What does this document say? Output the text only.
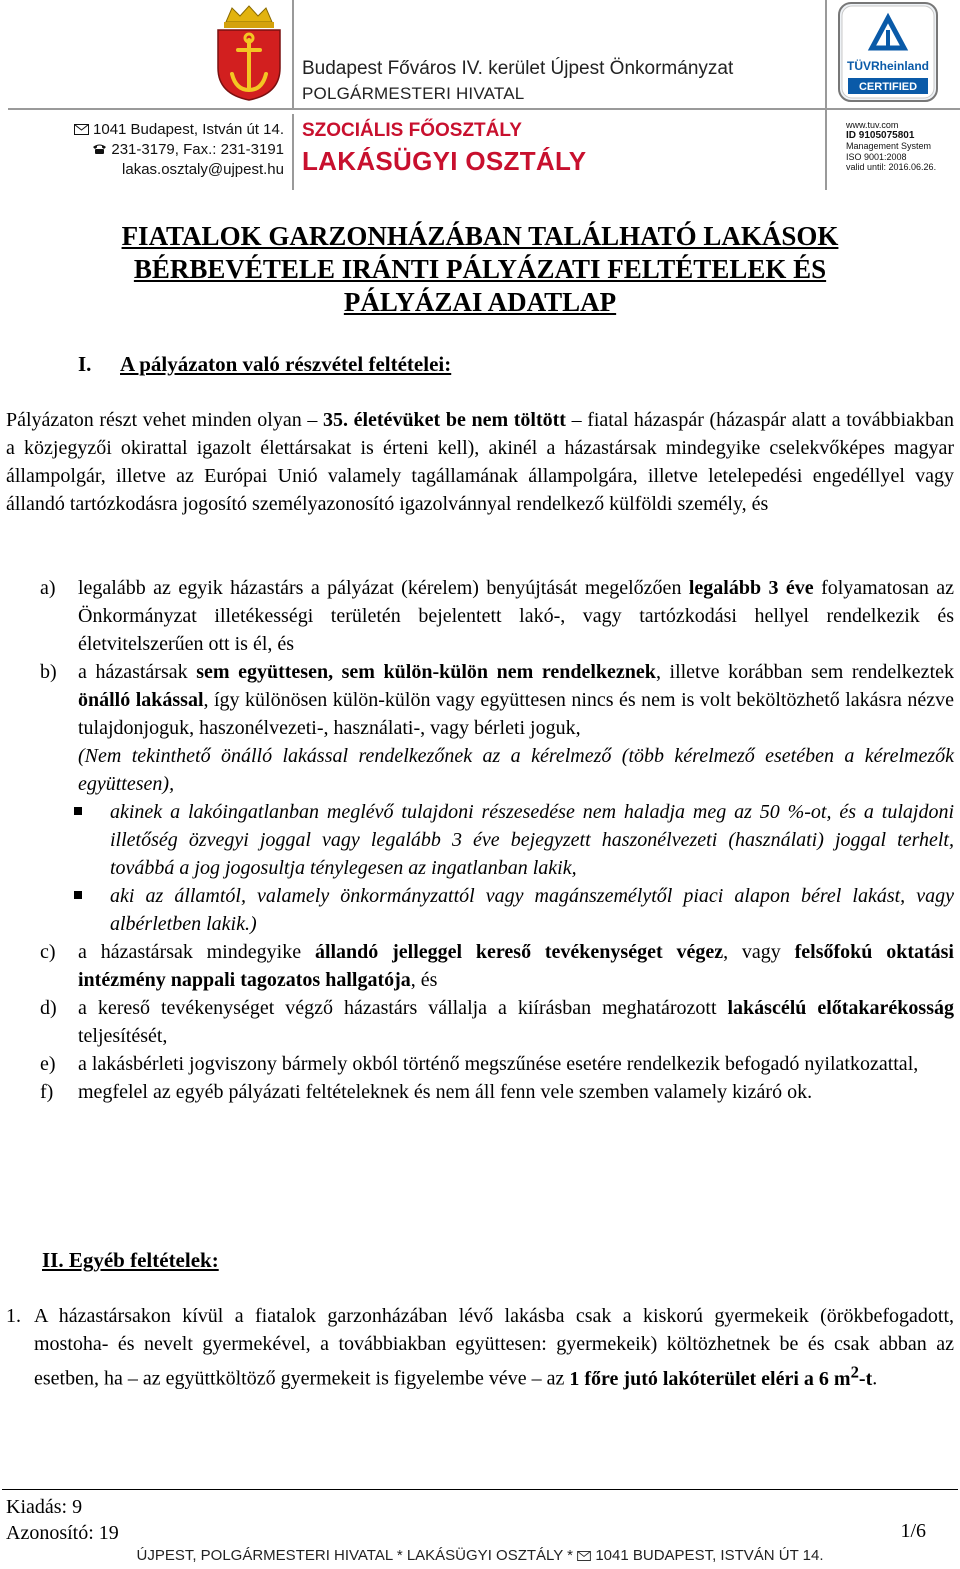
Budapest Főváros IV. kerület Újpest Önkormányzat
POLGÁRMESTERI HIVATAL
1041 Budapest, István út 14.
231-3179, Fax.: 231-3191
lakas.osztaly@ujpest.hu
SZOCIÁLIS FŐOSZTÁLY
LAKÁSÜGYI OSZTÁLY
TÜVRheinland
CERTIFIED
www.tuv.com
ID 9105075801
Management System
ISO 9001:2008
valid until: 2016.06.26.
FIATALOK GARZONHÁZÁBAN TALÁLHATÓ LAKÁSOK
BÉRBEVÉTELE IRÁNTI PÁLYÁZATI FELTÉTELEK ÉS
PÁLYÁZAI ADATLAP
I. A pályázaton való részvétel feltételei:
Pályázaton részt vehet minden olyan – 35. életévüket be nem töltött – fiatal házaspár (házaspár alatt a továbbiakban a közjegyzői okirattal igazolt élettársakat is érteni kell), akinél a házastársak mindegyike cselekvőképes magyar állampolgár, illetve az Európai Unió valamely tagállamának állampolgára, illetve letelepedési engedéllyel vagy állandó tartózkodásra jogosító személyazonosító igazolvánnyal rendelkező külföldi személy, és
a) legalább az egyik házastárs a pályázat (kérelem) benyújtását megelőzően legalább 3 éve folyamatosan az Önkormányzat illetékességi területén bejelentett lakó-, vagy tartózkodási hellyel rendelkezik és életvitelszerűen ott is él, és
b) a házastársak sem együttesen, sem külön-külön nem rendelkeznek, illetve korábban sem rendelkeztek önálló lakással, így különösen külön-külön vagy együttesen nincs és nem is volt beköltözhető lakásra nézve tulajdonjoguk, haszonélvezeti-, használati-, vagy bérleti joguk,
(Nem tekinthető önálló lakással rendelkezőnek az a kérelmező (több kérelmező esetében a kérelmezők együttesen),
akinek a lakóingatlanban meglévő tulajdoni részesedése nem haladja meg az 50 %-ot, és a tulajdoni illetőség özvegyi joggal vagy legalább 3 éve bejegyzett haszonélvezeti (használati) joggal terhelt, továbbá a jog jogosultja ténylegesen az ingatlanban lakik,
aki az államtól, valamely önkormányzattól vagy magánszemélytől piaci alapon bérel lakást, vagy albérletben lakik.)
c) a házastársak mindegyike állandó jelleggel kereső tevékenységet végez, vagy felsőfokú oktatási intézmény nappali tagozatos hallgatója, és
d) a kereső tevékenységet végző házastárs vállalja a kiírásban meghatározott lakáscélú előtakarékosság teljesítését,
e) a lakásbérleti jogviszony bármely okból történő megszűnése esetére rendelkezik befogadó nyilatkozattal,
f) megfelel az egyéb pályázati feltételeknek és nem áll fenn vele szemben valamely kizáró ok.
II. Egyéb feltételek:
1. A házastársakon kívül a fiatalok garzonházában lévő lakásba csak a kiskorú gyermekeik (örökbefogadott, mostoha- és nevelt gyermekével, a továbbiakban együttesen: gyermekeik) költözhetnek be és csak abban az esetben, ha – az együttköltöző gyermekeit is figyelembe véve – az 1 főre jutó lakóterület eléri a 6 $m^2-t$.
Kiadás: 9
Azonosító: 19	1/6
ÚJPEST, POLGÁRMESTERI HIVATAL * LAKÁSÜGYI OSZTÁLY * 1041 BUDAPEST, ISTVÁN ÚT 14.
